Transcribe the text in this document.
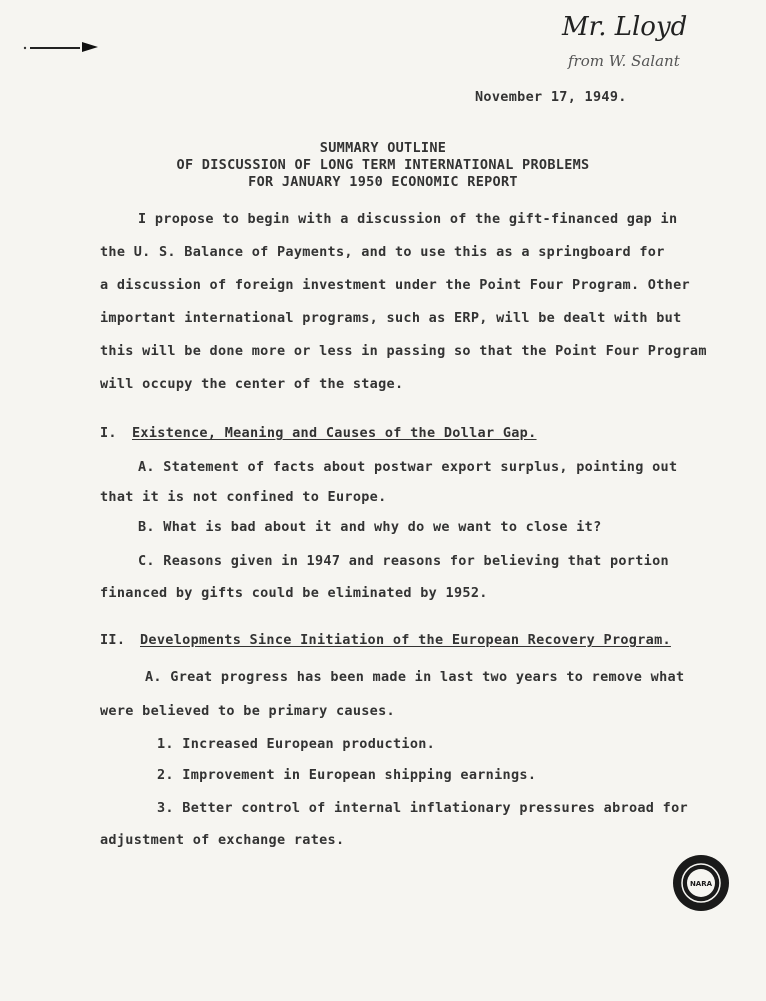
Mr. Lloyd
from W. Salant
November 17, 1949.
SUMMARY OUTLINE
OF DISCUSSION OF LONG TERM INTERNATIONAL PROBLEMS
FOR JANUARY 1950 ECONOMIC REPORT
I propose to begin with a discussion of the gift-financed gap in
the U. S. Balance of Payments, and to use this as a springboard for
a discussion of foreign investment under the Point Four Program. Other
important international programs, such as ERP, will be dealt with but
this will be done more or less in passing so that the Point Four Program
will occupy the center of the stage.
I. Existence, Meaning and Causes of the Dollar Gap.
A. Statement of facts about postwar export surplus, pointing out
that it is not confined to Europe.
B. What is bad about it and why do we want to close it?
C. Reasons given in 1947 and reasons for believing that portion
financed by gifts could be eliminated by 1952.
II. Developments Since Initiation of the European Recovery Program.
A. Great progress has been made in last two years to remove what
were believed to be primary causes.
1. Increased European production.
2. Improvement in European shipping earnings.
3. Better control of internal inflationary pressures abroad for
adjustment of exchange rates.
NARA
